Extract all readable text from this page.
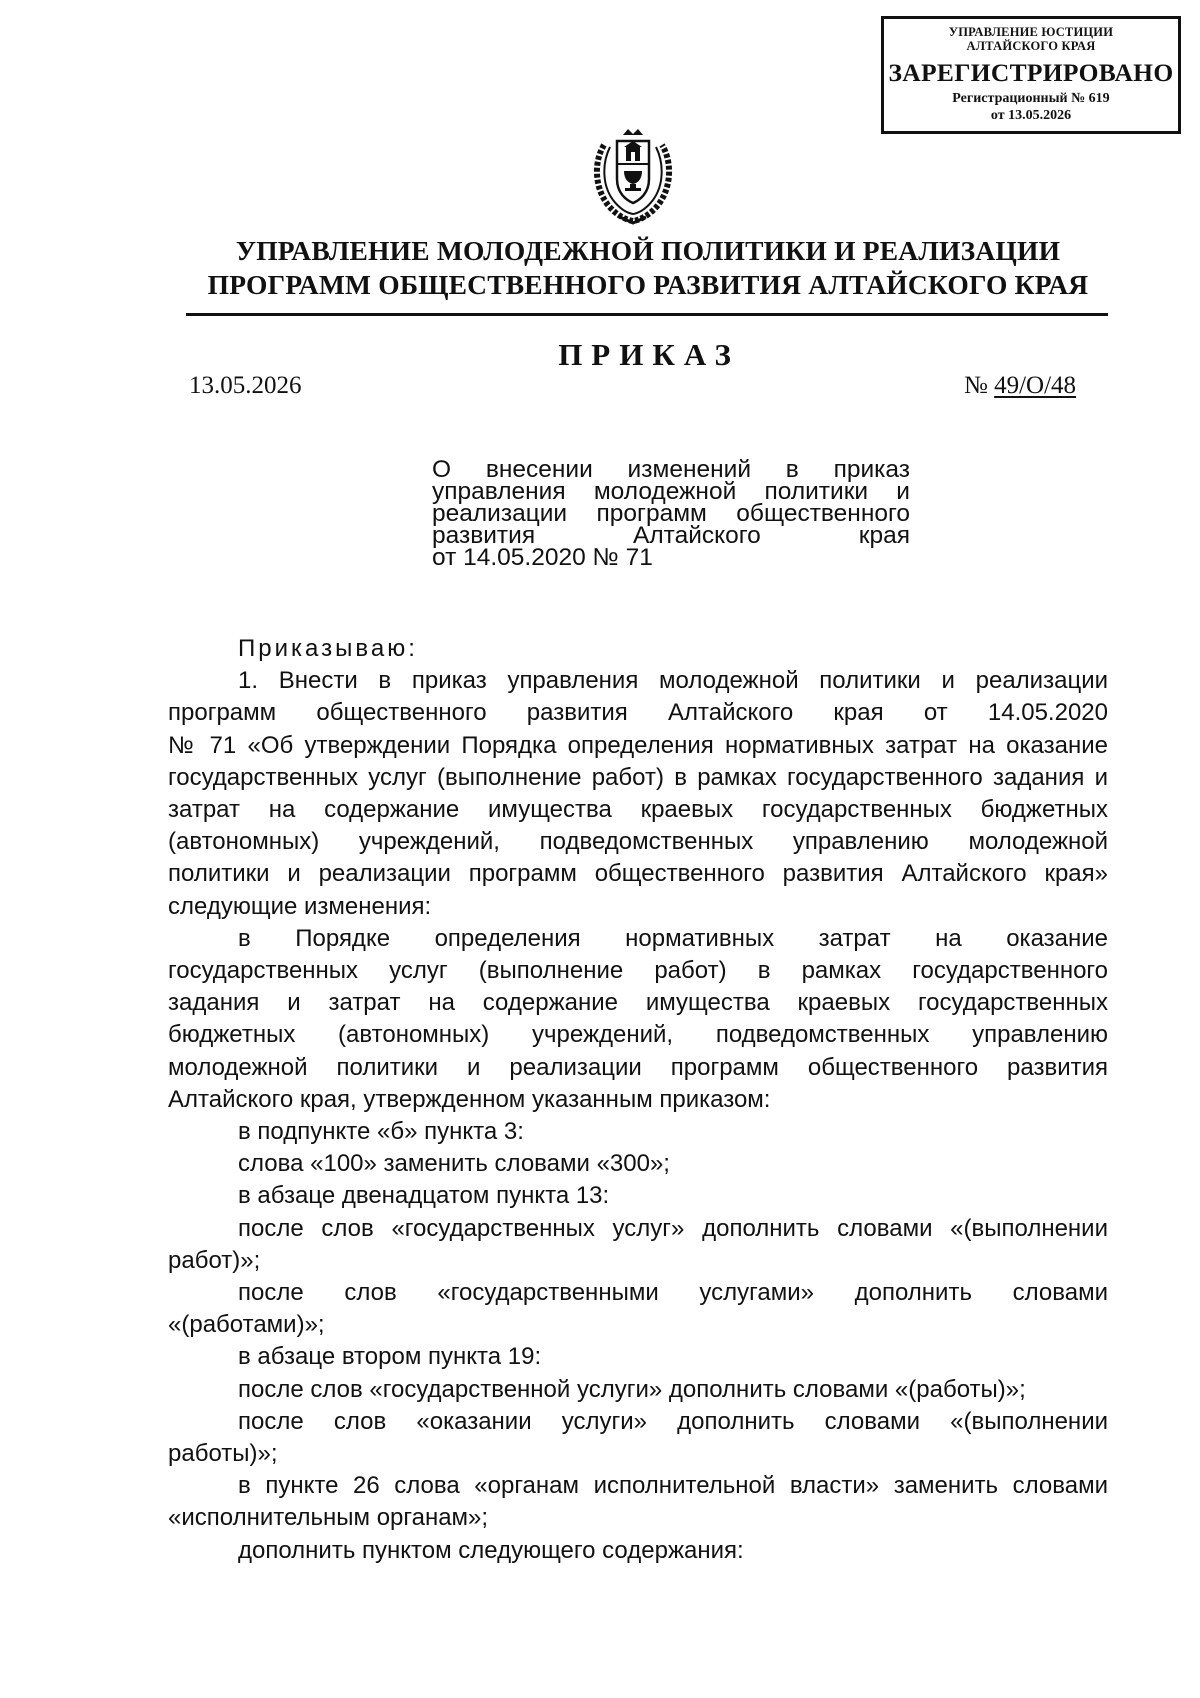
УПРАВЛЕНИЕ ЮСТИЦИИ
АЛТАЙСКОГО КРАЯ
ЗАРЕГИСТРИРОВАНО
Регистрационный № 619
от 13.05.2026
УПРАВЛЕНИЕ МОЛОДЕЖНОЙ ПОЛИТИКИ И РЕАЛИЗАЦИИ
ПРОГРАММ ОБЩЕСТВЕННОГО РАЗВИТИЯ АЛТАЙСКОГО КРАЯ
ПРИКАЗ
13.05.2026	№ 49/О/48
О внесении изменений в приказ
управления молодежной политики и
реализации программ общественного
развития Алтайского края
от 14.05.2020 № 71
Приказываю:
1. Внести в приказ управления молодежной политики и реализации
программ общественного развития Алтайского края от 14.05.2020
№ 71 «Об утверждении Порядка определения нормативных затрат на оказание
государственных услуг (выполнение работ) в рамках государственного задания и
затрат на содержание имущества краевых государственных бюджетных
(автономных) учреждений, подведомственных управлению молодежной
политики и реализации программ общественного развития Алтайского края»
следующие изменения:
в Порядке определения нормативных затрат на оказание
государственных услуг (выполнение работ) в рамках государственного
задания и затрат на содержание имущества краевых государственных
бюджетных (автономных) учреждений, подведомственных управлению
молодежной политики и реализации программ общественного развития
Алтайского края, утвержденном указанным приказом:
в подпункте «б» пункта 3:
слова «100» заменить словами «300»;
в абзаце двенадцатом пункта 13:
после слов «государственных услуг» дополнить словами «(выполнении
работ)»;
после слов «государственными услугами» дополнить словами
«(работами)»;
в абзаце втором пункта 19:
после слов «государственной услуги» дополнить словами «(работы)»;
после слов «оказании услуги» дополнить словами «(выполнении
работы)»;
в пункте 26 слова «органам исполнительной власти» заменить словами
«исполнительным органам»;
дополнить пунктом следующего содержания:
